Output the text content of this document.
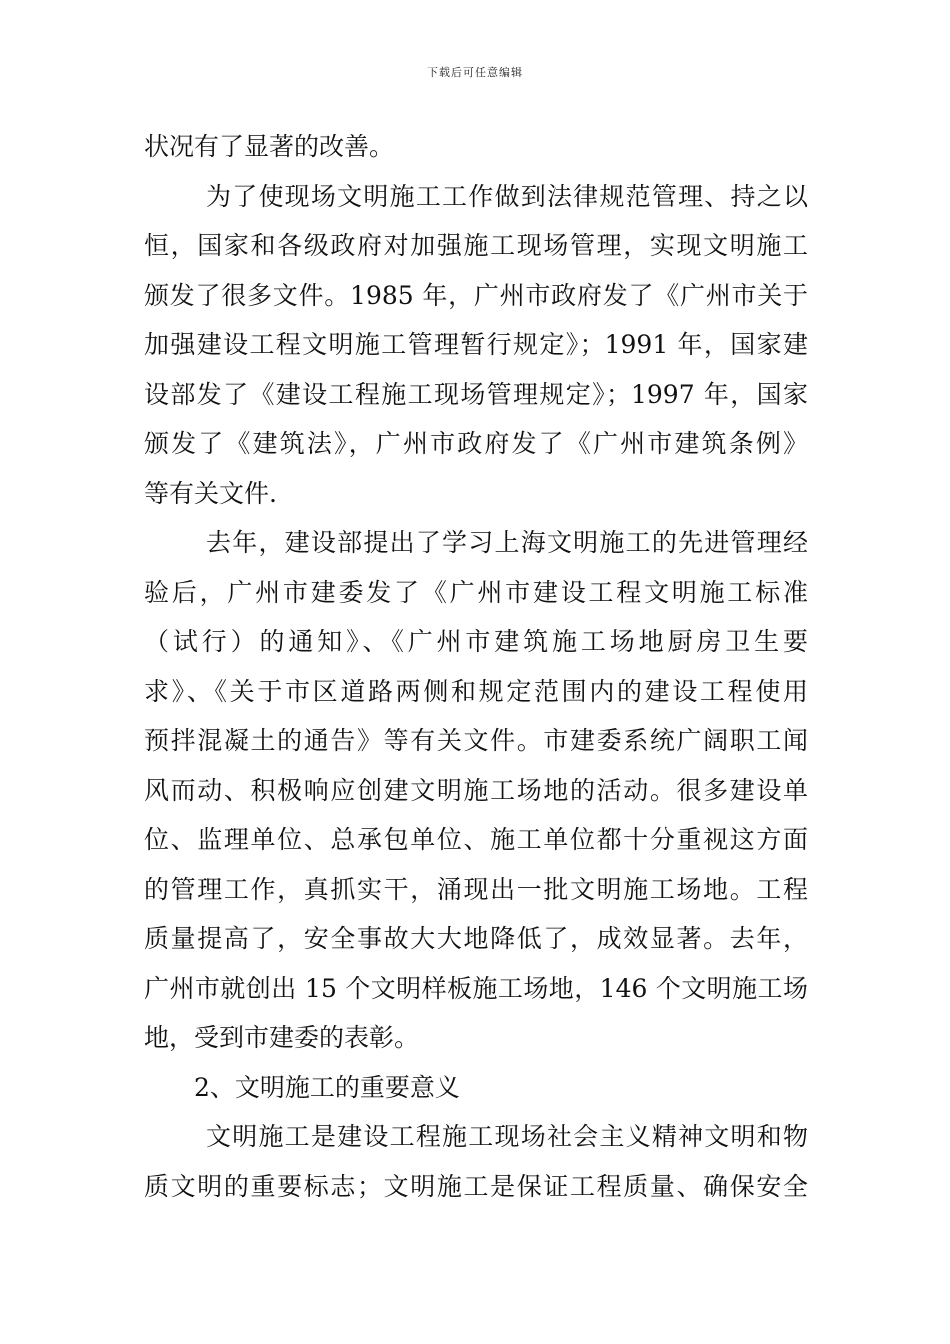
下载后可任意编辑
状况有了显著的改善。
为了使现场文明施工工作做到法律规范管理、持之以
恒，国家和各级政府对加强施工现场管理，实现文明施工
颁发了很多文件。1985 年，广州市政府发了《广州市关于
加强建设工程文明施工管理暂行规定》；1991 年，国家建
设部发了《建设工程施工现场管理规定》；1997 年，国家
颁发了《建筑法》，广州市政府发了《广州市建筑条例》
等有关文件.
去年，建设部提出了学习上海文明施工的先进管理经
验后，广州市建委发了《广州市建设工程文明施工标准
（试行）的通知》、《广州市建筑施工场地厨房卫生要
求》、《关于市区道路两侧和规定范围内的建设工程使用
预拌混凝土的通告》等有关文件。市建委系统广阔职工闻
风而动、积极响应创建文明施工场地的活动。很多建设单
位、监理单位、总承包单位、施工单位都十分重视这方面
的管理工作，真抓实干，涌现出一批文明施工场地。工程
质量提高了，安全事故大大地降低了，成效显著。去年，
广州市就创出 15 个文明样板施工场地，146 个文明施工场
地，受到市建委的表彰。
2、文明施工的重要意义
文明施工是建设工程施工现场社会主义精神文明和物
质文明的重要标志；文明施工是保证工程质量、确保安全
